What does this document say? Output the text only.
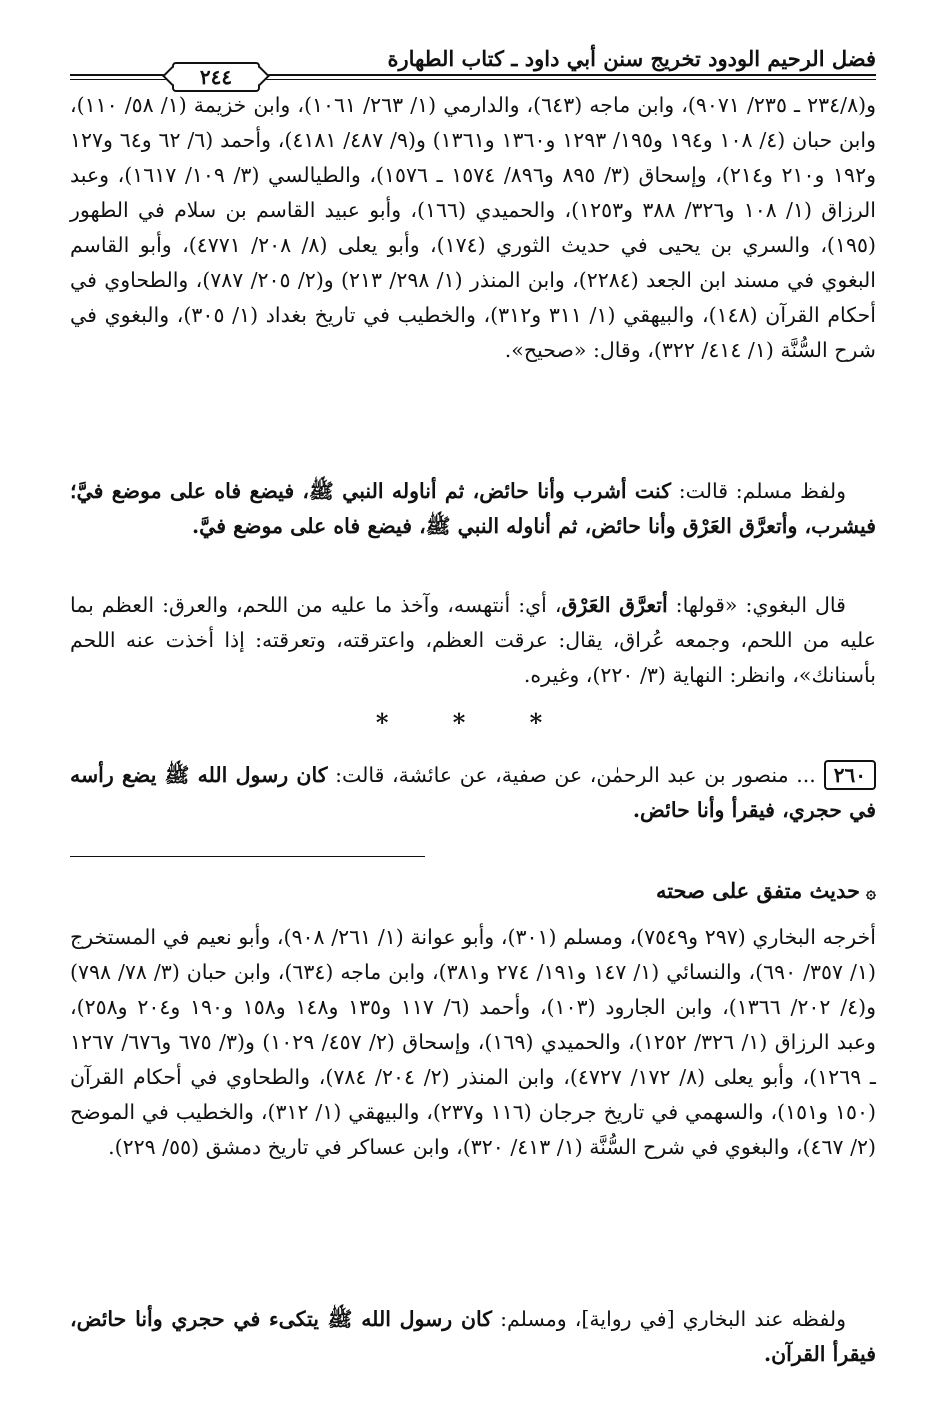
فضل الرحيم الودود تخريج سنن أبي داود ـ كتاب الطهارة
٢٤٤
و(٢٣٤/٨ ـ ٢٣٥/ ٩٠٧١)، وابن ماجه (٦٤٣)، والدارمي (١/ ٢٦٣/ ١٠٦١)، وابن خزيمة (١/ ٥٨/ ١١٠)، وابن حبان (٤/ ١٠٨ و١٩٤ و١٩٥/ ١٢٩٣ و١٣٦٠ و١٣٦١) و(٩/ ٤٨٧/ ٤١٨١)، وأحمد (٦/ ٦٢ و٦٤ و١٢٧ و١٩٢ و٢١٠ و٢١٤)، وإسحاق (٣/ ٨٩٥ و٨٩٦/ ١٥٧٤ ـ ١٥٧٦)، والطيالسي (٣/ ١٠٩/ ١٦١٧)، وعبد الرزاق (١/ ١٠٨ و٣٢٦/ ٣٨٨ و١٢٥٣)، والحميدي (١٦٦)، وأبو عبيد القاسم بن سلام في الطهور (١٩٥)، والسري بن يحيى في حديث الثوري (١٧٤)، وأبو يعلى (٨/ ٢٠٨/ ٤٧٧١)، وأبو القاسم البغوي في مسند ابن الجعد (٢٢٨٤)، وابن المنذر (١/ ٢٩٨/ ٢١٣) و(٢/ ٢٠٥/ ٧٨٧)، والطحاوي في أحكام القرآن (١٤٨)، والبيهقي (١/ ٣١١ و٣١٢)، والخطيب في تاريخ بغداد (١/ ٣٠٥)، والبغوي في شرح السُّنَّة (١/ ٤١٤/ ٣٢٢)، وقال: «صحيح».
ولفظ مسلم: قالت: كنت أشرب وأنا حائض، ثم أناوله النبي ﷺ، فيضع فاه على موضع فيَّ؛ فيشرب، وأتعرَّق العَرْق وأنا حائض، ثم أناوله النبي ﷺ، فيضع فاه على موضع فيَّ.
قال البغوي: «قولها: أتعرَّق العَرْق، أي: أنتهسه، وآخذ ما عليه من اللحم، والعرق: العظم بما عليه من اللحم، وجمعه عُراق، يقال: عرقت العظم، واعترقته، وتعرقته: إذا أخذت عنه اللحم بأسنانك»، وانظر: النهاية (٣/ ٢٢٠)، وغيره.
* * *
٢٦٠... منصور بن عبد الرحمٰن، عن صفية، عن عائشة، قالت: كان رسول الله ﷺ يضع رأسه في حجري، فيقرأ وأنا حائض.
۞حديث متفق على صحته
أخرجه البخاري (٢٩٧ و٧٥٤٩)، ومسلم (٣٠١)، وأبو عوانة (١/ ٢٦١/ ٩٠٨)، وأبو نعيم في المستخرج (١/ ٣٥٧/ ٦٩٠)، والنسائي (١/ ١٤٧ و١٩١/ ٢٧٤ و٣٨١)، وابن ماجه (٦٣٤)، وابن حبان (٣/ ٧٨/ ٧٩٨) و(٤/ ٢٠٢/ ١٣٦٦)، وابن الجارود (١٠٣)، وأحمد (٦/ ١١٧ و١٣٥ و١٤٨ و١٥٨ و١٩٠ و٢٠٤ و٢٥٨)، وعبد الرزاق (١/ ٣٢٦/ ١٢٥٢)، والحميدي (١٦٩)، وإسحاق (٢/ ٤٥٧/ ١٠٢٩) و(٣/ ٦٧٥ و٦٧٦/ ١٢٦٧ ـ ١٢٦٩)، وأبو يعلى (٨/ ١٧٢/ ٤٧٢٧)، وابن المنذر (٢/ ٢٠٤/ ٧٨٤)، والطحاوي في أحكام القرآن (١٥٠ و١٥١)، والسهمي في تاريخ جرجان (١١٦ و٢٣٧)، والبيهقي (١/ ٣١٢)، والخطيب في الموضح (٢/ ٤٦٧)، والبغوي في شرح السُّنَّة (١/ ٤١٣/ ٣٢٠)، وابن عساكر في تاريخ دمشق (٥٥/ ٢٢٩).
ولفظه عند البخاري [في رواية]، ومسلم: كان رسول الله ﷺ يتكىء في حجري وأنا حائض، فيقرأ القرآن.
